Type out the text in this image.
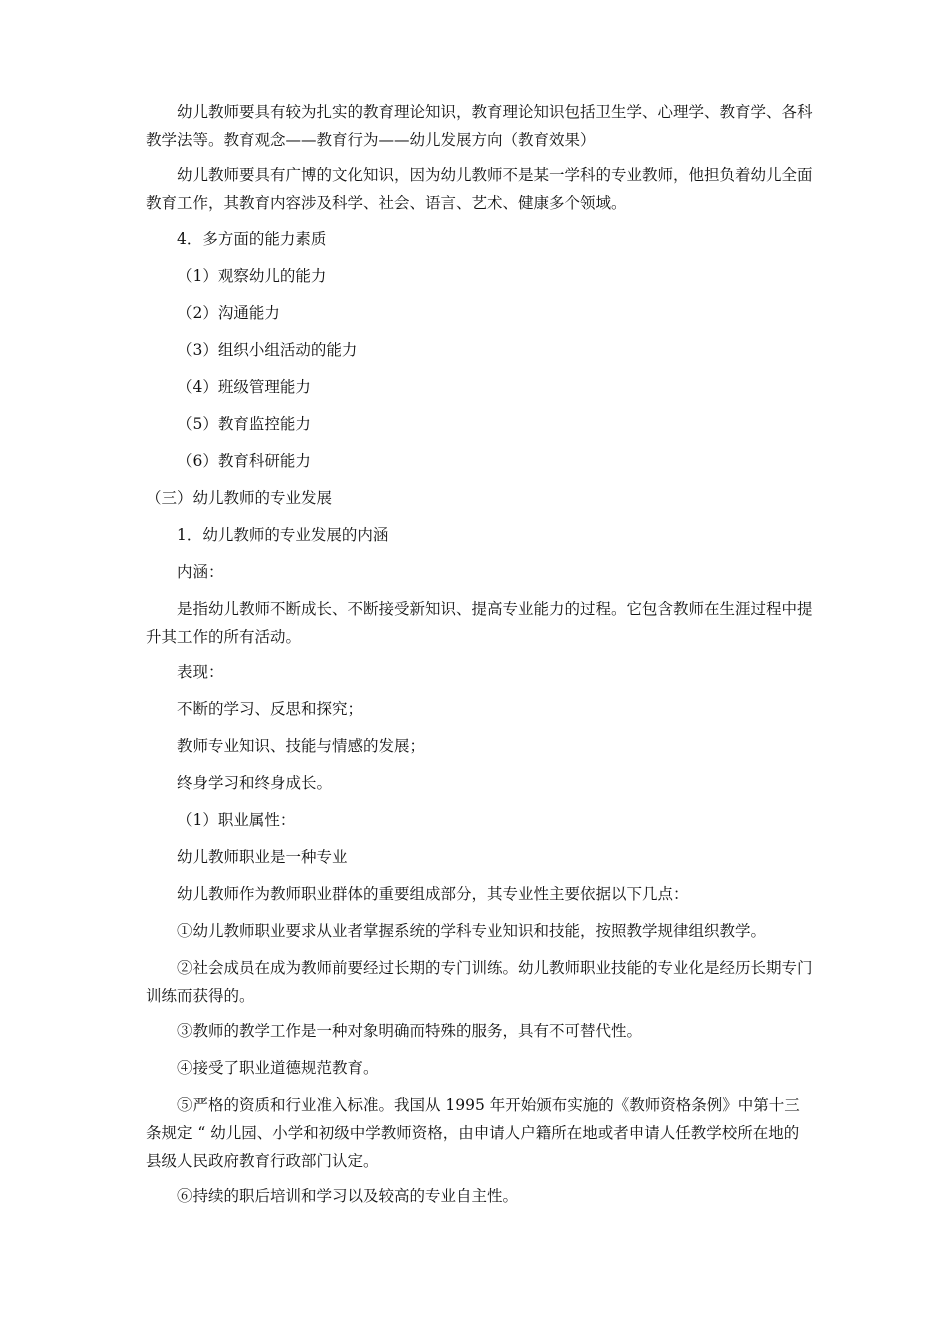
幼儿教师要具有较为扎实的教育理论知识，教育理论知识包括卫生学、心理学、教育学、各科教学法等。教育观念——教育行为——幼儿发展方向（教育效果）

幼儿教师要具有广博的文化知识，因为幼儿教师不是某一学科的专业教师，他担负着幼儿全面教育工作，其教育内容涉及科学、社会、语言、艺术、健康多个领域。

4．多方面的能力素质

（1）观察幼儿的能力

（2）沟通能力

（3）组织小组活动的能力

（4）班级管理能力

（5）教育监控能力

（6）教育科研能力

（三）幼儿教师的专业发展

1．幼儿教师的专业发展的内涵

内涵：

是指幼儿教师不断成长、不断接受新知识、提高专业能力的过程。它包含教师在生涯过程中提升其工作的所有活动。

表现：

不断的学习、反思和探究；

教师专业知识、技能与情感的发展；

终身学习和终身成长。

（1）职业属性：

幼儿教师职业是一种专业

幼儿教师作为教师职业群体的重要组成部分，其专业性主要依据以下几点：

①幼儿教师职业要求从业者掌握系统的学科专业知识和技能，按照教学规律组织教学。

②社会成员在成为教师前要经过长期的专门训练。幼儿教师职业技能的专业化是经历长期专门训练而获得的。

③教师的教学工作是一种对象明确而特殊的服务，具有不可替代性。

④接受了职业道德规范教育。

⑤严格的资质和行业准入标准。我国从 1995 年开始颁布实施的《教师资格条例》中第十三条规定 “ 幼儿园、小学和初级中学教师资格，由申请人户籍所在地或者申请人任教学校所在地的县级人民政府教育行政部门认定。

⑥持续的职后培训和学习以及较高的专业自主性。
